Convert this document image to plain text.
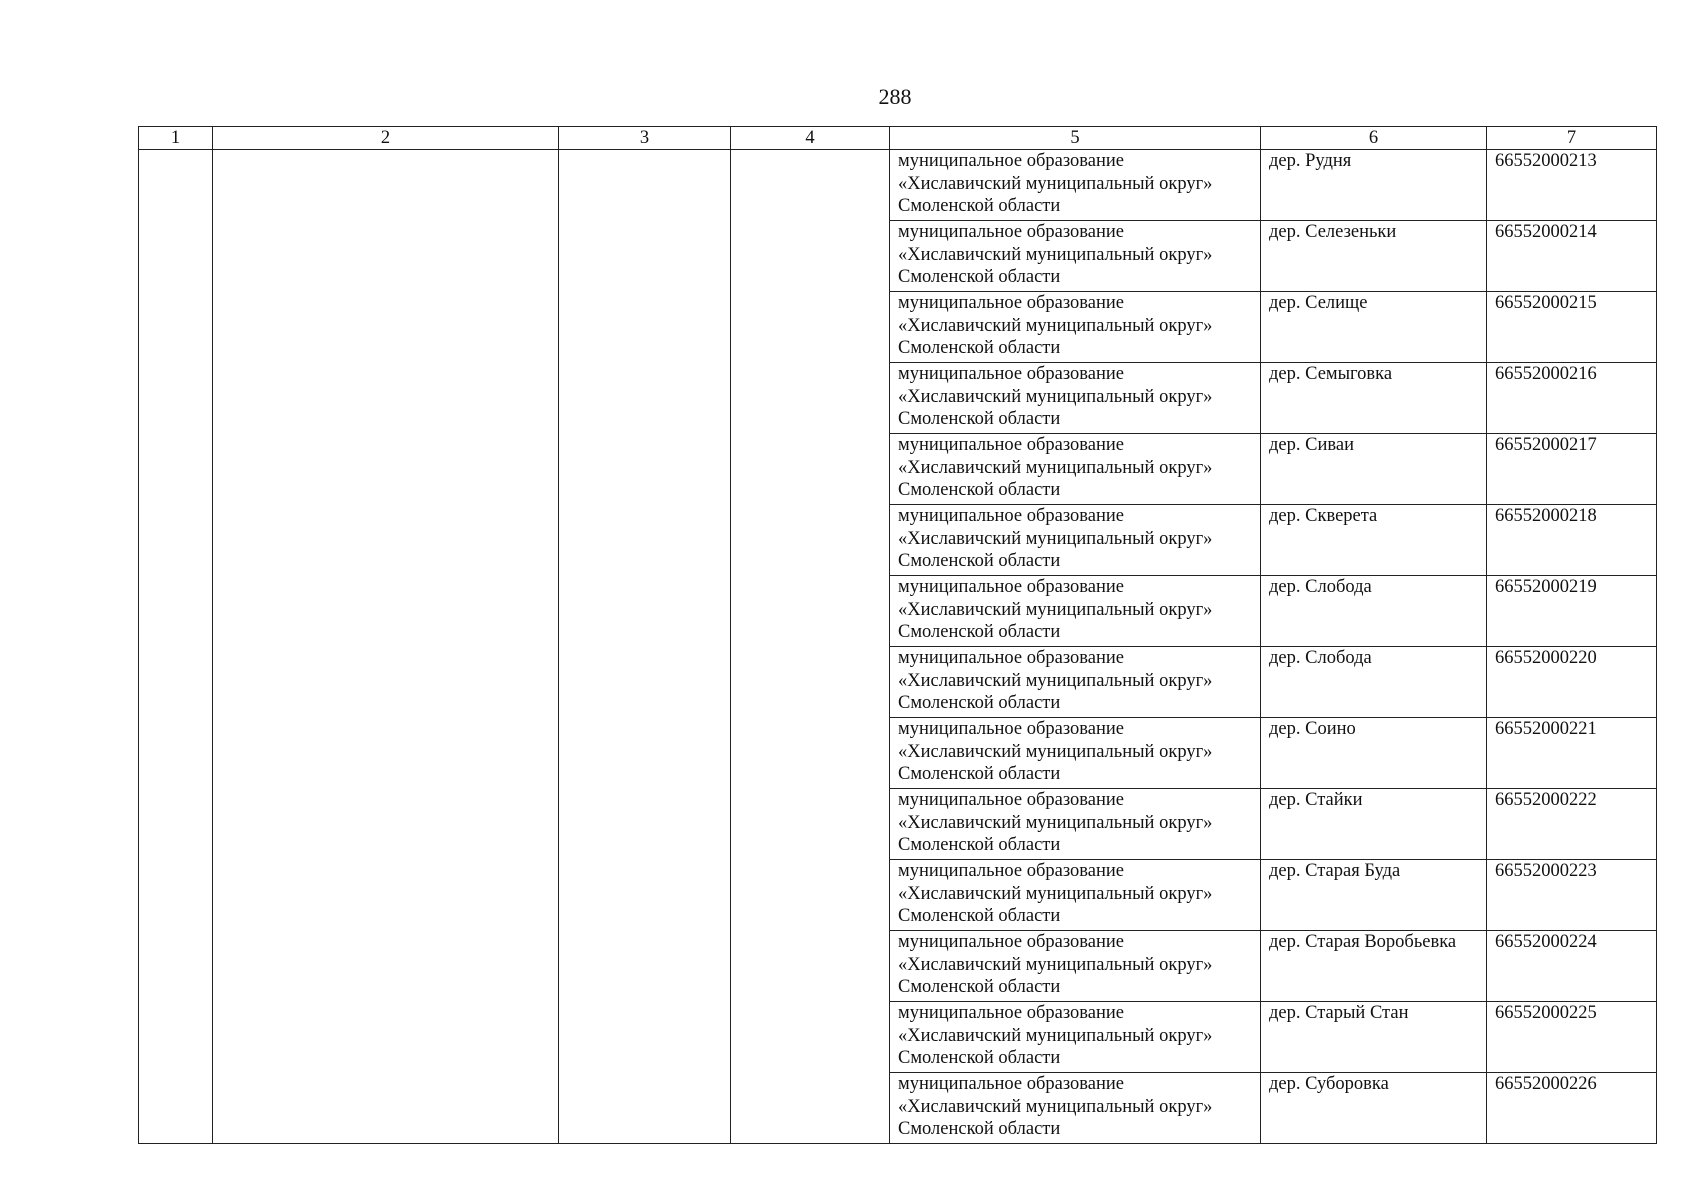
288
1	2	3	4	5	6	7

				муниципальное образование
«Хиславичский муниципальный округ»
Смоленской области	дер. Рудня	66552000213

				муниципальное образование
«Хиславичский муниципальный округ»
Смоленской области	дер. Селезеньки	66552000214

				муниципальное образование
«Хиславичский муниципальный округ»
Смоленской области	дер. Селище	66552000215

				муниципальное образование
«Хиславичский муниципальный округ»
Смоленской области	дер. Семыговка	66552000216

				муниципальное образование
«Хиславичский муниципальный округ»
Смоленской области	дер. Сиваи	66552000217

				муниципальное образование
«Хиславичский муниципальный округ»
Смоленской области	дер. Скверета	66552000218

				муниципальное образование
«Хиславичский муниципальный округ»
Смоленской области	дер. Слобода	66552000219

				муниципальное образование
«Хиславичский муниципальный округ»
Смоленской области	дер. Слобода	66552000220

				муниципальное образование
«Хиславичский муниципальный округ»
Смоленской области	дер. Соино	66552000221

				муниципальное образование
«Хиславичский муниципальный округ»
Смоленской области	дер. Стайки	66552000222

				муниципальное образование
«Хиславичский муниципальный округ»
Смоленской области	дер. Старая Буда	66552000223

				муниципальное образование
«Хиславичский муниципальный округ»
Смоленской области	дер. Старая Воробьевка	66552000224

				муниципальное образование
«Хиславичский муниципальный округ»
Смоленской области	дер. Старый Стан	66552000225

				муниципальное образование
«Хиславичский муниципальный округ»
Смоленской области	дер. Суборовка	66552000226
